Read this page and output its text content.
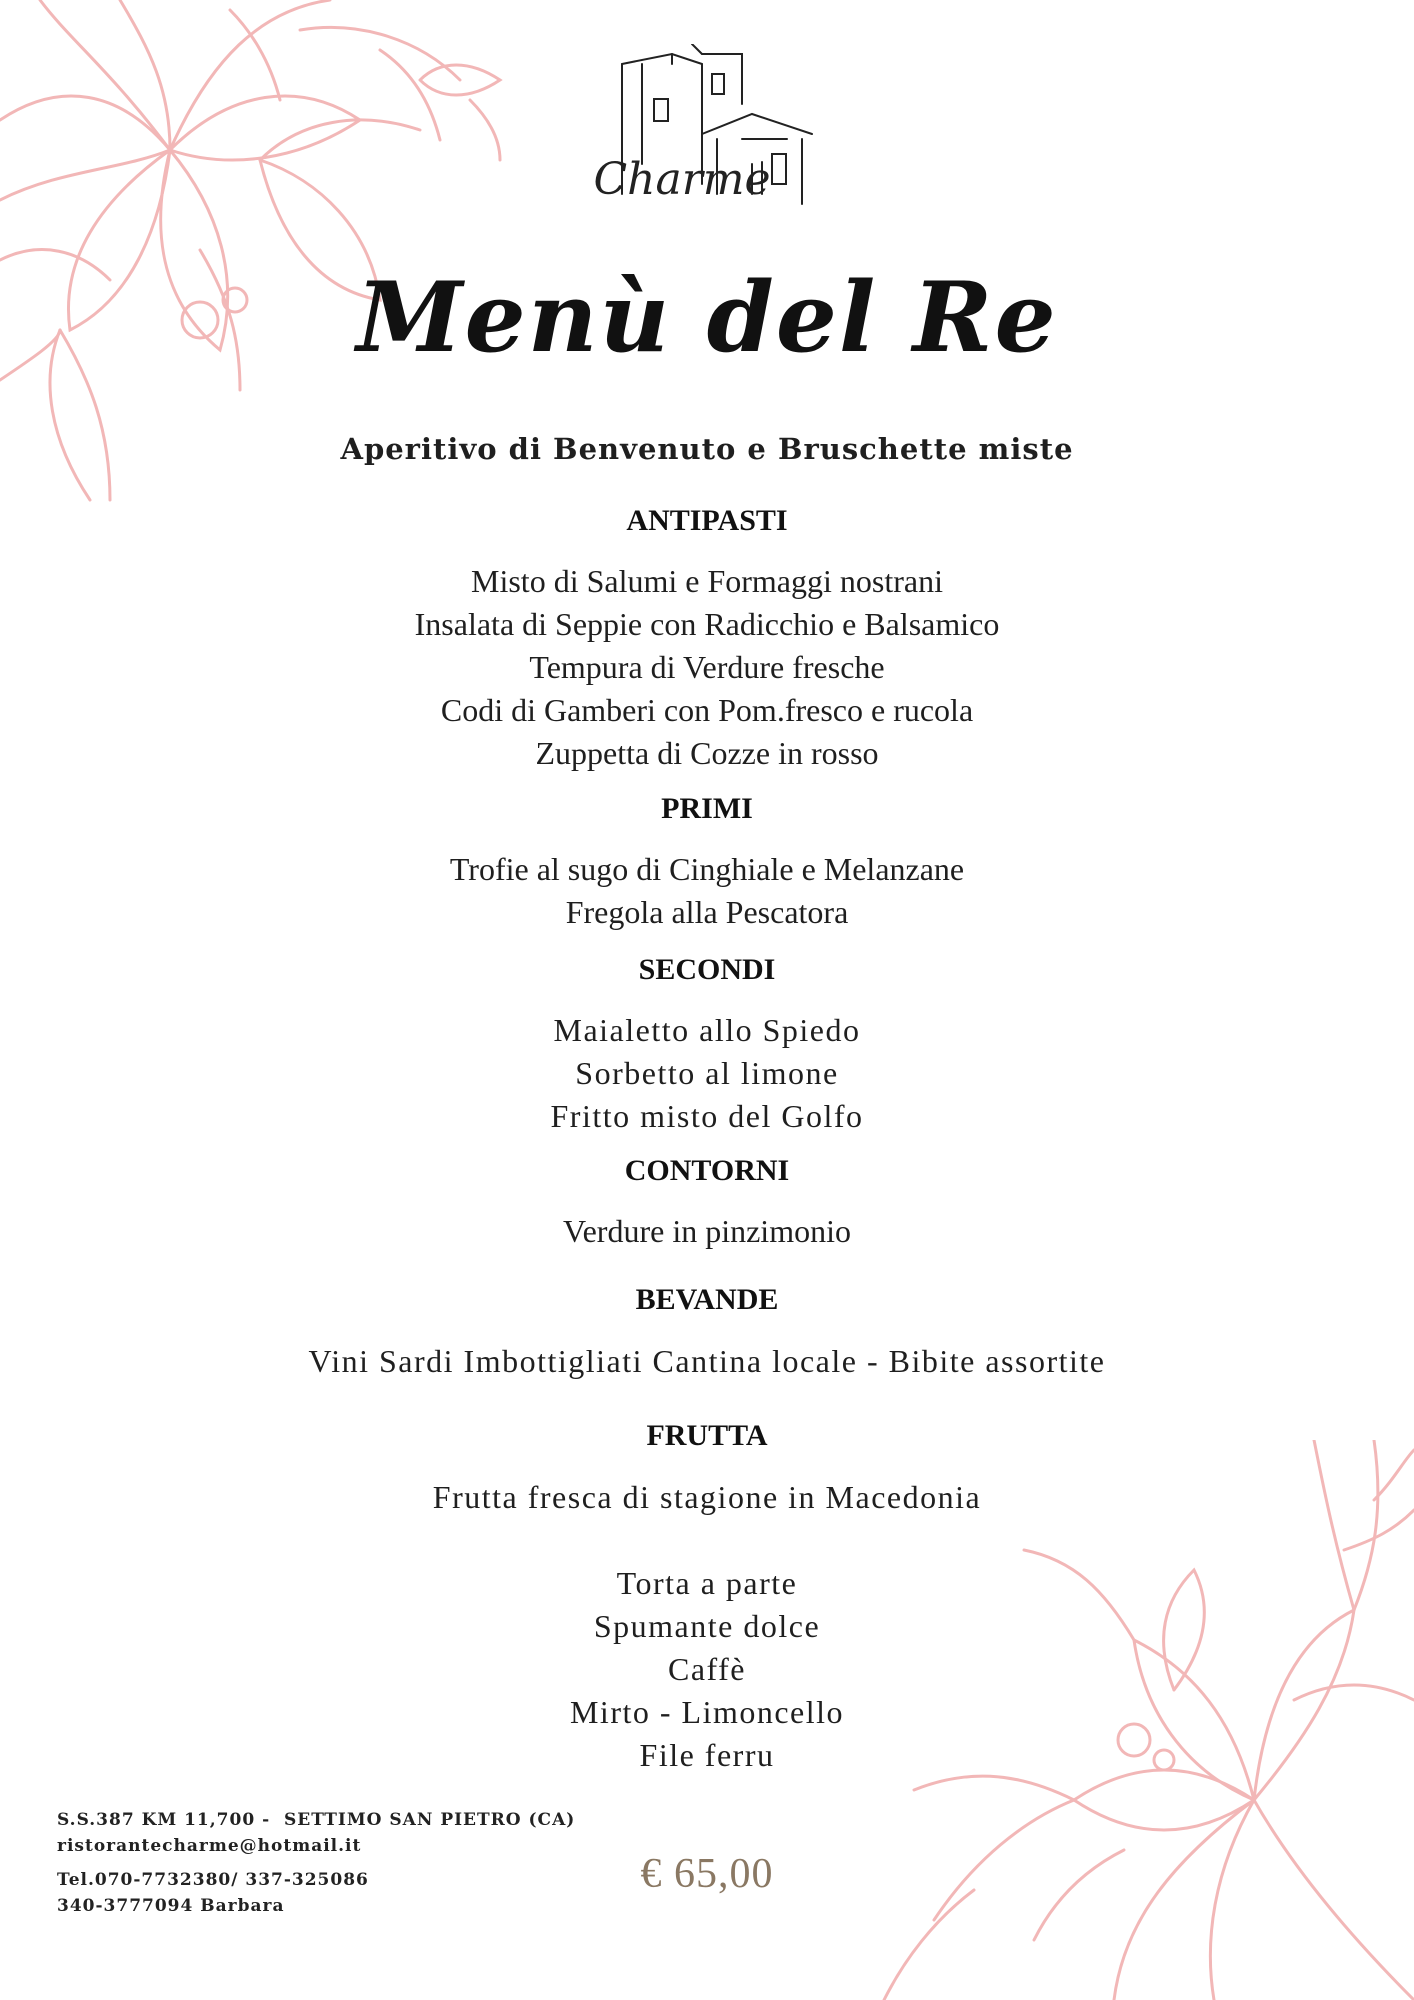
Charme
Menù del Re
Aperitivo di Benvenuto e Bruschette miste
ANTIPASTI
Misto di Salumi e Formaggi nostrani
Insalata di Seppie con Radicchio e Balsamico
Tempura di Verdure fresche
Codi di Gamberi con Pom.fresco e rucola
Zuppetta di Cozze in rosso
PRIMI
Trofie al sugo di Cinghiale e Melanzane
Fregola alla Pescatora
SECONDI
Maialetto allo Spiedo
Sorbetto al limone
Fritto misto del Golfo
CONTORNI
Verdure in pinzimonio
BEVANDE
Vini Sardi Imbottigliati Cantina locale - Bibite assortite
FRUTTA
Frutta fresca di stagione in Macedonia
Torta a parte
Spumante dolce
Caffè
Mirto - Limoncello
File ferru
S.S.387 KM 11,700 -  SETTIMO SAN PIETRO (CA)
ristorantecharme@hotmail.it
Tel.070-7732380/ 337-325086
340-3777094 Barbara
€ 65,00
